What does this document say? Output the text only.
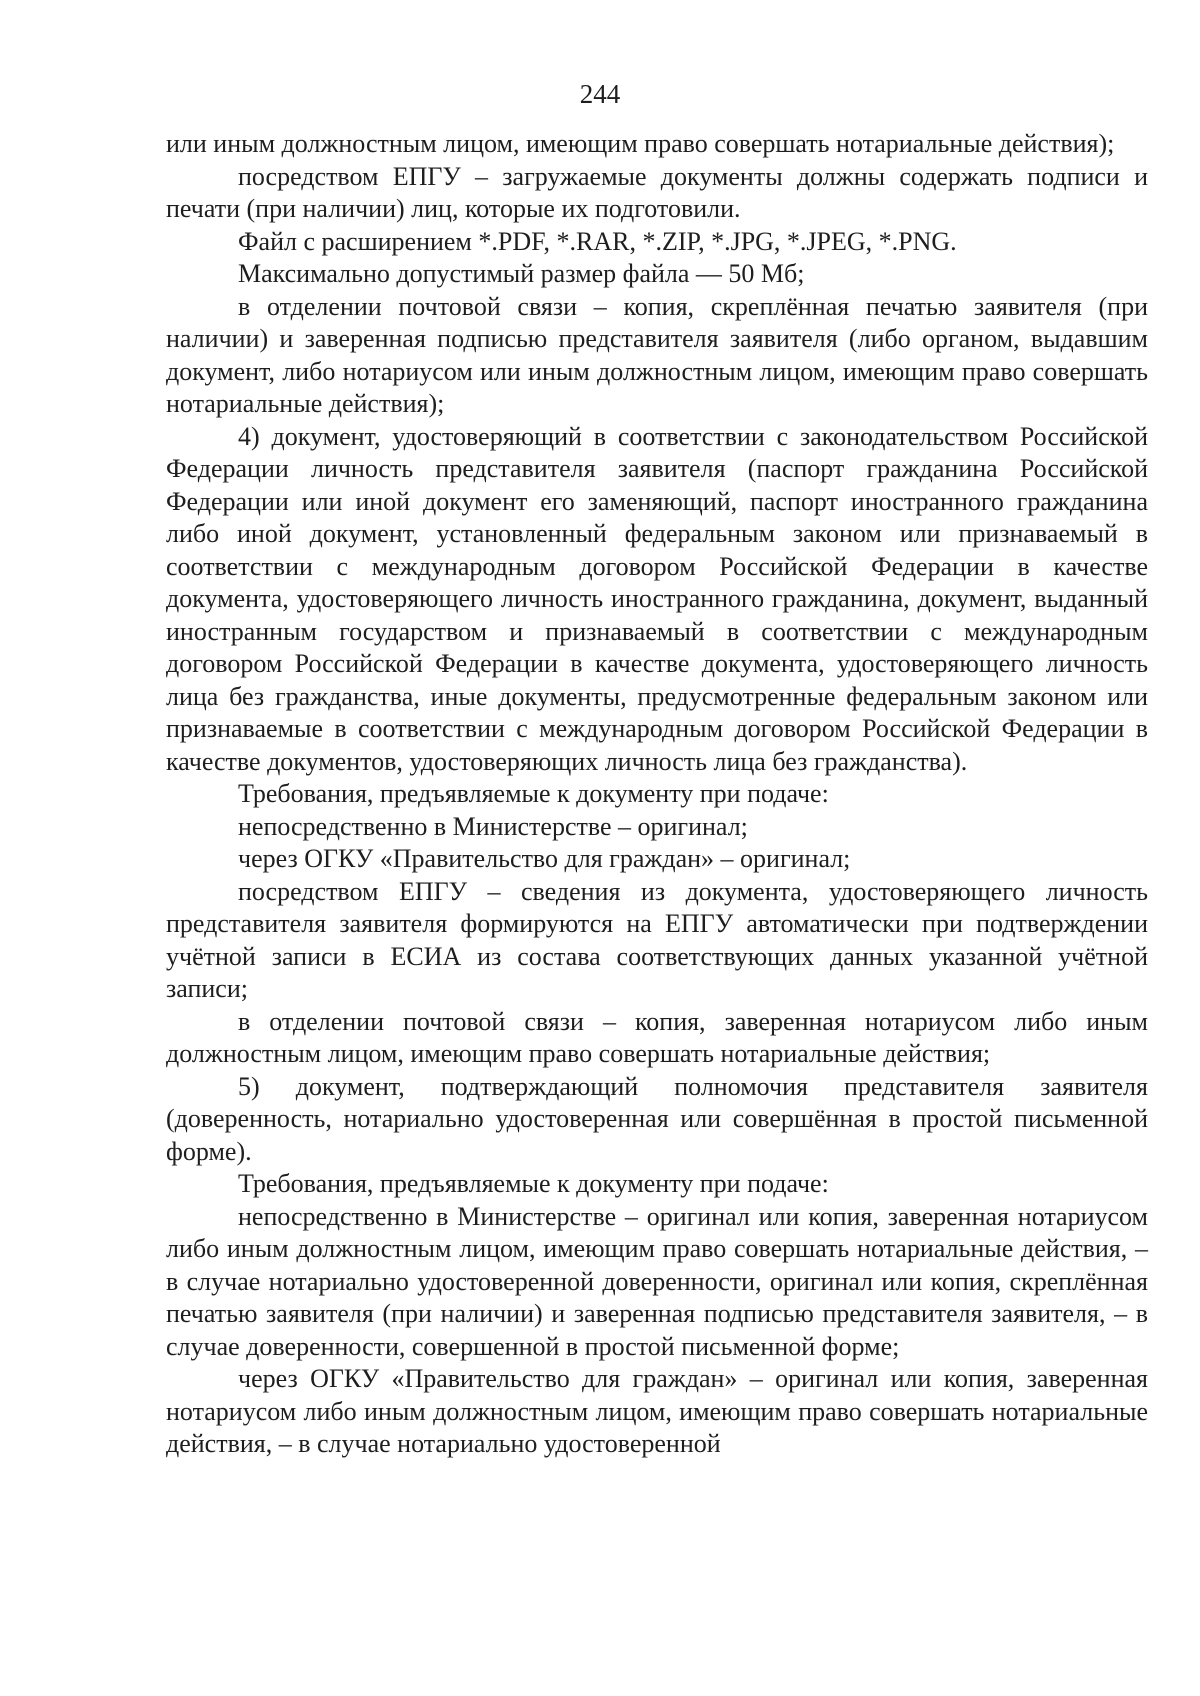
244

или иным должностным лицом, имеющим право совершать нотариальные действия);

посредством ЕПГУ – загружаемые документы должны содержать подписи и печати (при наличии) лиц, которые их подготовили.

Файл с расширением *.PDF, *.RAR, *.ZIP, *.JPG, *.JPEG, *.PNG.

Максимально допустимый размер файла — 50 Мб;

в отделении почтовой связи – копия, скреплённая печатью заявителя (при наличии) и заверенная подписью представителя заявителя (либо органом, выдавшим документ, либо нотариусом или иным должностным лицом, имеющим право совершать нотариальные действия);

4) документ, удостоверяющий в соответствии с законодательством Российской Федерации личность представителя заявителя (паспорт гражданина Российской Федерации или иной документ его заменяющий, паспорт иностранного гражданина либо иной документ, установленный федеральным законом или признаваемый в соответствии с международным договором Российской Федерации в качестве документа, удостоверяющего личность иностранного гражданина, документ, выданный иностранным государством и признаваемый в соответствии с международным договором Российской Федерации в качестве документа, удостоверяющего личность лица без гражданства, иные документы, предусмотренные федеральным законом или признаваемые в соответствии с международным договором Российской Федерации в качестве документов, удостоверяющих личность лица без гражданства).

Требования, предъявляемые к документу при подаче:

непосредственно в Министерстве – оригинал;

через ОГКУ «Правительство для граждан» – оригинал;

посредством ЕПГУ – сведения из документа, удостоверяющего личность представителя заявителя формируются на ЕПГУ автоматически при подтверждении учётной записи в ЕСИА из состава соответствующих данных указанной учётной записи;

в отделении почтовой связи – копия, заверенная нотариусом либо иным должностным лицом, имеющим право совершать нотариальные действия;

5) документ, подтверждающий полномочия представителя заявителя (доверенность, нотариально удостоверенная или совершённая в простой письменной форме).

Требования, предъявляемые к документу при подаче:

непосредственно в Министерстве – оригинал или копия, заверенная нотариусом либо иным должностным лицом, имеющим право совершать нотариальные действия, – в случае нотариально удостоверенной доверенности, оригинал или копия, скреплённая печатью заявителя (при наличии) и заверенная подписью представителя заявителя, – в случае доверенности, совершенной в простой письменной форме;

через ОГКУ «Правительство для граждан» – оригинал или копия, заверенная нотариусом либо иным должностным лицом, имеющим право совершать нотариальные действия, – в случае нотариально удостоверенной
